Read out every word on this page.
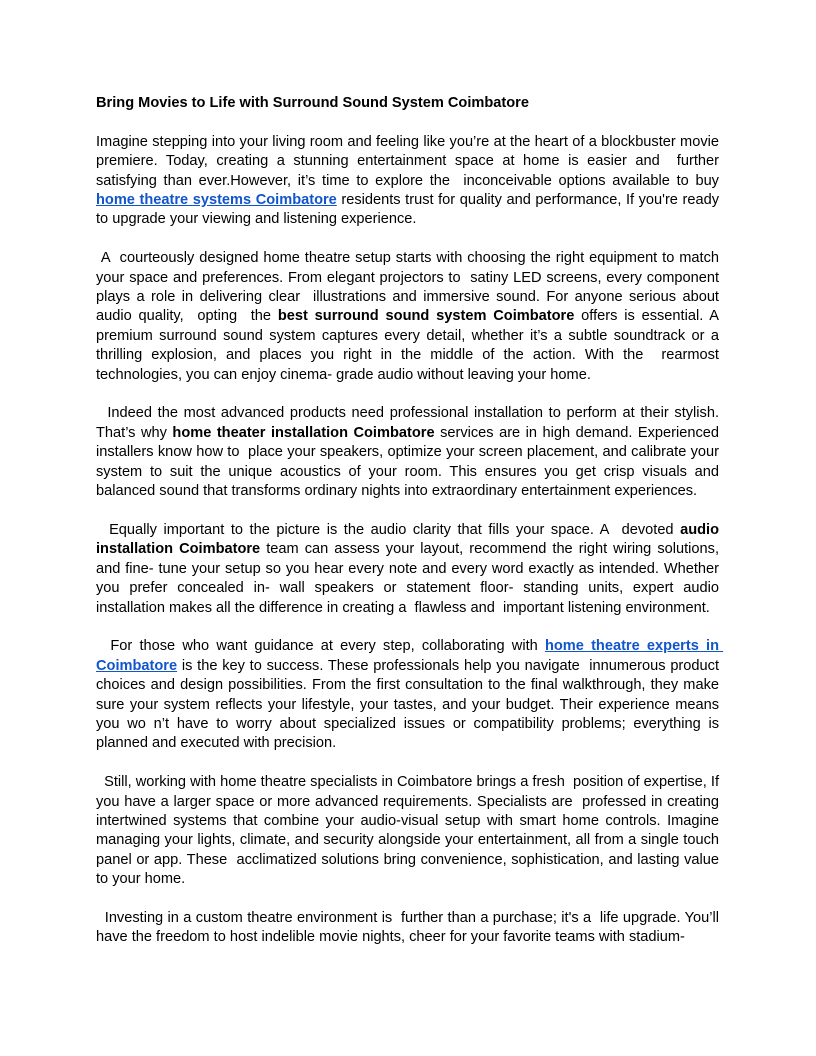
Bring Movies to Life with Surround Sound System Coimbatore

Imagine stepping into your living room and feeling like you’re at the heart of a blockbuster movie premiere. Today, creating a stunning entertainment space at home is easier and  further satisfying than ever.However, it’s time to explore the  inconceivable options available to buy home theatre systems Coimbatore residents trust for quality and performance, If you're ready to upgrade your viewing and listening experience.

A  courteously designed home theatre setup starts with choosing the right equipment to match your space and preferences. From elegant projectors to  satiny LED screens, every component plays a role in delivering clear  illustrations and immersive sound. For anyone serious about audio quality,  opting  the best surround sound system Coimbatore offers is essential. A premium surround sound system captures every detail, whether it’s a subtle soundtrack or a thrilling explosion, and places you right in the middle of the action. With the  rearmost technologies, you can enjoy cinema- grade audio without leaving your home.

Indeed the most advanced products need professional installation to perform at their stylish. That’s why home theater installation Coimbatore services are in high demand. Experienced installers know how to  place your speakers, optimize your screen placement, and calibrate your system to suit the unique acoustics of your room. This ensures you get crisp visuals and balanced sound that transforms ordinary nights into extraordinary entertainment experiences.

Equally important to the picture is the audio clarity that fills your space. A  devoted audio installation Coimbatore team can assess your layout, recommend the right wiring solutions, and fine- tune your setup so you hear every note and every word exactly as intended. Whether you prefer concealed in- wall speakers or statement floor- standing units, expert audio installation makes all the difference in creating a  flawless and  important listening environment.

For those who want guidance at every step, collaborating with home theatre experts in Coimbatore is the key to success. These professionals help you navigate  innumerous product choices and design possibilities. From the first consultation to the final walkthrough, they make sure your system reflects your lifestyle, your tastes, and your budget. Their experience means you wo n’t have to worry about specialized issues or compatibility problems; everything is planned and executed with precision.

Still, working with home theatre specialists in Coimbatore brings a fresh  position of expertise, If you have a larger space or more advanced requirements. Specialists are  professed in creating intertwined systems that combine your audio-visual setup with smart home controls. Imagine managing your lights, climate, and security alongside your entertainment, all from a single touch panel or app. These  acclimatized solutions bring convenience, sophistication, and lasting value to your home.

Investing in a custom theatre environment is  further than a purchase; it's a  life upgrade. You’ll have the freedom to host indelible movie nights, cheer for your favorite teams with stadium-
